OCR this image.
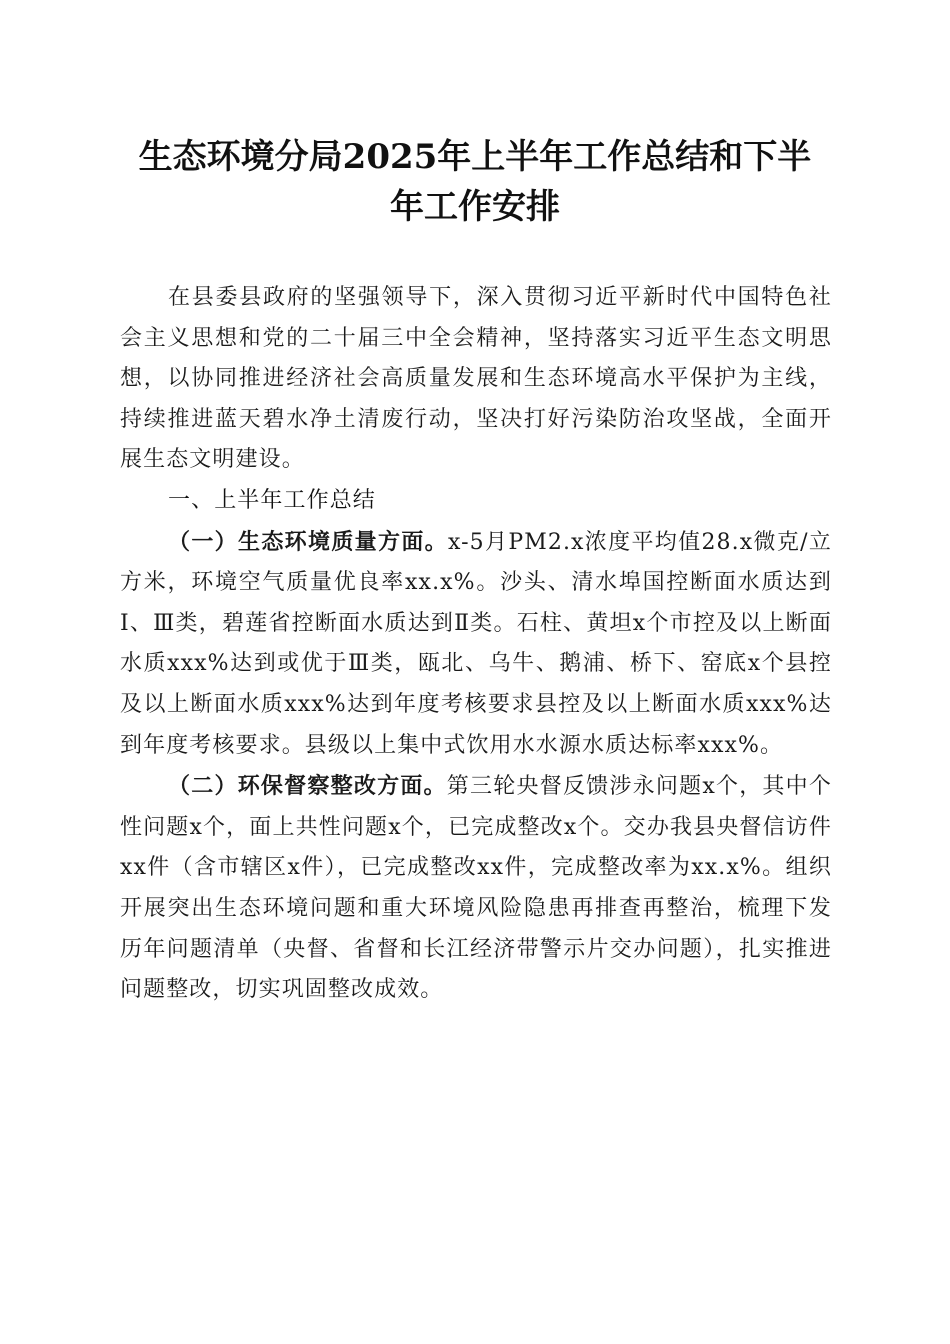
生态环境分局2025年上半年工作总结和下半
年工作安排

在县委县政府的坚强领导下，深入贯彻习近平新时代中国特色社会主义思想和党的二十届三中全会精神，坚持落实习近平生态文明思想，以协同推进经济社会高质量发展和生态环境高水平保护为主线，持续推进蓝天碧水净土清废行动，坚决打好污染防治攻坚战，全面开展生态文明建设。

一、上半年工作总结

（一）生态环境质量方面。x-5月PM2.x浓度平均值28.x微克/立方米，环境空气质量优良率xx.x%。沙头、清水埠国控断面水质达到Ⅰ、Ⅲ类，碧莲省控断面水质达到Ⅱ类。石柱、黄坦x个市控及以上断面水质xxx%达到或优于Ⅲ类，瓯北、乌牛、鹅浦、桥下、窑底x个县控及以上断面水质xxx%达到年度考核要求县控及以上断面水质xxx%达到年度考核要求。县级以上集中式饮用水水源水质达标率xxx%。

（二）环保督察整改方面。第三轮央督反馈涉永问题x个，其中个性问题x个，面上共性问题x个，已完成整改x个。交办我县央督信访件xx件（含市辖区x件），已完成整改xx件，完成整改率为xx.x%。组织开展突出生态环境问题和重大环境风险隐患再排查再整治，梳理下发历年问题清单（央督、省督和长江经济带警示片交办问题），扎实推进问题整改，切实巩固整改成效。
